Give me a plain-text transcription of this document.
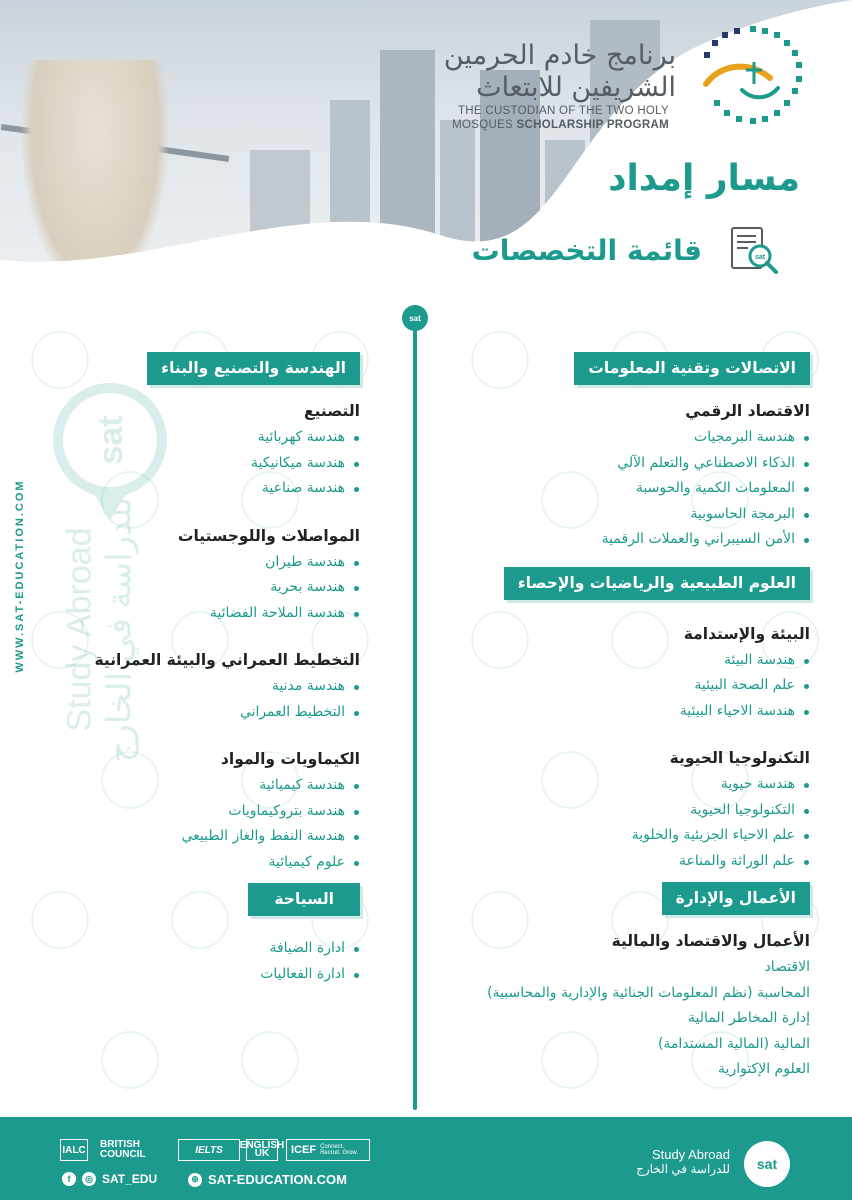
برنامج خادم الحرمين
الشريفين للابتعاث
THE CUSTODIAN OF THE TWO HOLY
MOSQUES SCHOLARSHIP PROGRAM
مسار إمداد
قائمة التخصصات	sat
sat
Study Abroad للدراسة في الخارج
WWW.SAT-EDUCATION.COM
sat
الاتصالات وتقنية المعلومات
الاقتصاد الرقمي
هندسة البرمجيات
الذكاء الاصطناعي والتعلم الآلي
المعلومات الكمية والحوسبة
البرمجة الحاسوبية
الأمن السيبراني والعملات الرقمية
العلوم الطبيعية والرياضيات والإحصاء
البيئة والإستدامة
هندسة البيئة
علم الصحة البيئية
هندسة الاحياء البيئية
التكنولوجيا الحيوية
هندسة حيوية
التكنولوجيا الحيوية
علم الاحياء الجزيئية والخلوية
علم الوراثة والمناعة
الأعمال والإدارة
الأعمال والاقتصاد والمالية
الاقتصاد
المحاسبة (نظم المعلومات الجنائية والإدارية والمحاسبية)
إدارة المخاطر المالية
المالية (المالية المستدامة)
العلوم الإكتوارية
الهندسة والتصنيع والبناء
التصنيع
هندسة كهربائية
هندسة ميكانيكية
هندسة صناعية
المواصلات واللوجستيات
هندسة طيران
هندسة بحرية
هندسة الملاحة الفضائية
التخطيط العمراني والبيئة العمرانية
هندسة مدنية
التخطيط العمراني
الكيماويات والمواد
هندسة كيميائية
هندسة بتروكيماويات
هندسة النفط والغاز الطبيعي
علوم كيميائية
السياحة
ادارة الضيافة
ادارة الفعاليات
IALC BRITISH
COUNCIL	IELTS	ENGLISH
UK ICEF Connect. Recruit. Grow.
f	◎ SAT_EDU	⊕ SAT-EDUCATION.COM
Study Abroad
للدراسة في الخارج	sat
